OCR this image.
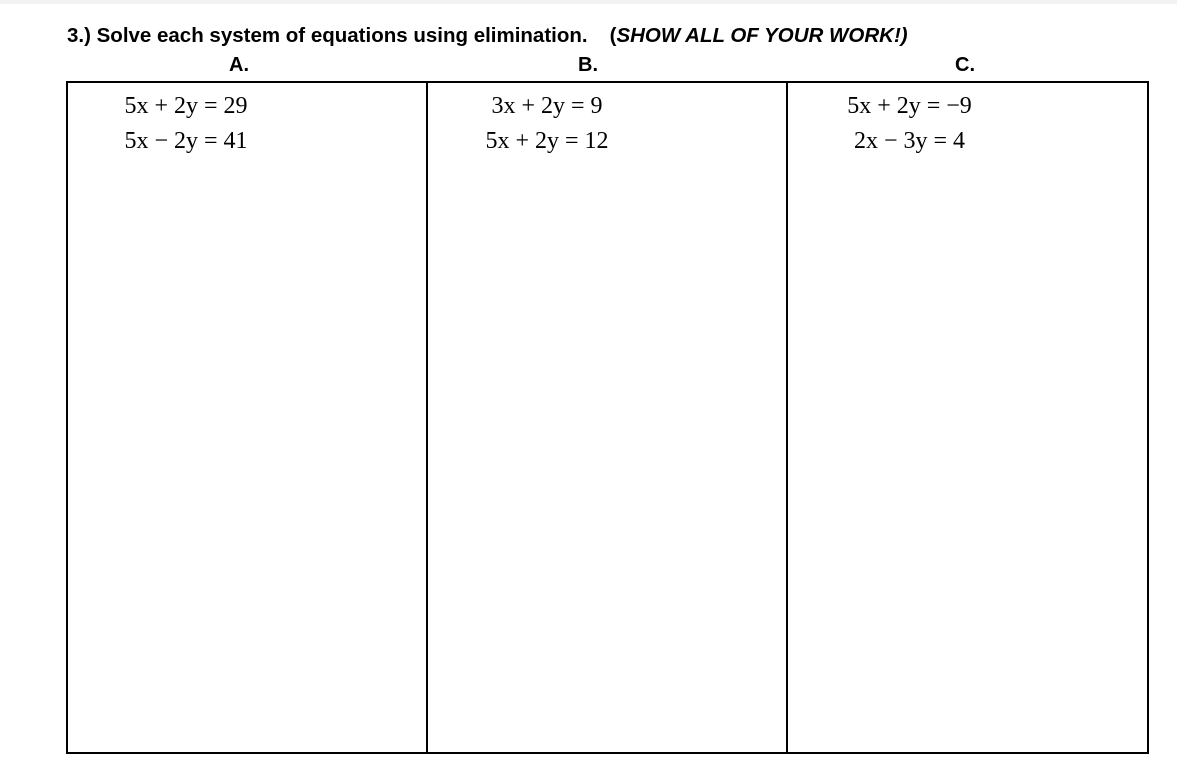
3.) Solve each system of equations using elimination. (SHOW ALL OF YOUR WORK!)
A.	B.	C.
5x + 2y = 29
5x − 2y = 41
3x + 2y = 9
5x + 2y = 12
5x + 2y = −9
2x − 3y = 4
